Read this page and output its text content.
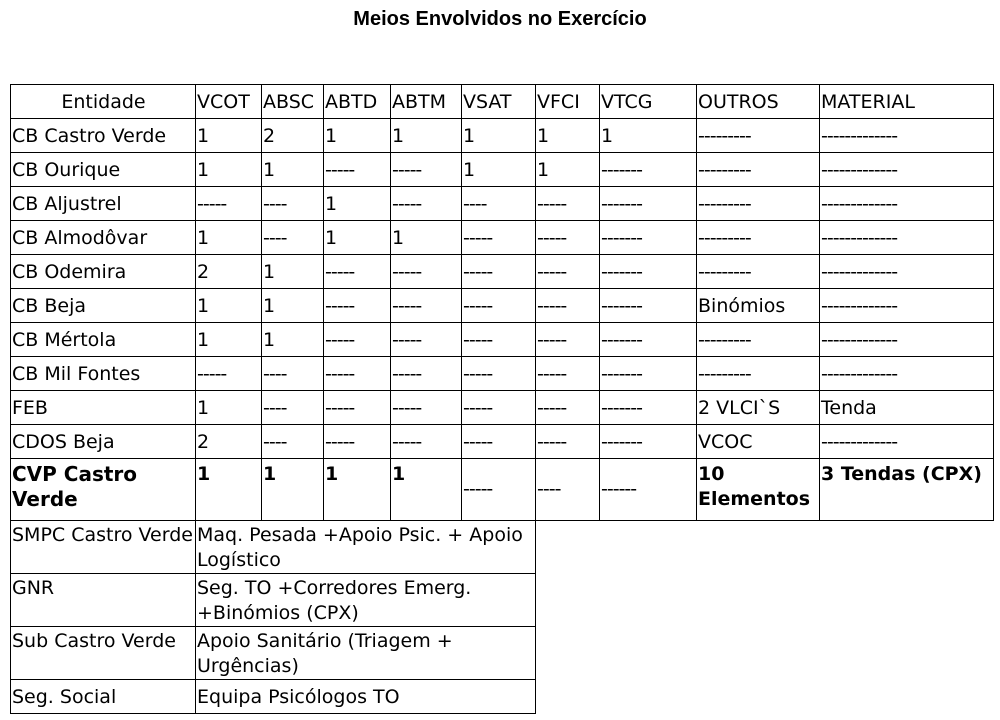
Meios Envolvidos no Exercício
Entidade	VCOT	ABSC	ABTD	ABTM	VSAT	VFCI	VTCG	OUTROS	MATERIAL
CB Castro Verde	1	2	1	1	1	1	1	---------	-------------
CB Ourique	1	1	-----	-----	1	1	-------	---------	-------------
CB Aljustrel	-----	----	1	-----	----	-----	-------	---------	-------------
CB Almodôvar	1	----	1	1	-----	-----	-------	---------	-------------
CB Odemira	2	1	-----	-----	-----	-----	-------	---------	-------------
CB Beja	1	1	-----	-----	-----	-----	-------	Binómios	-------------
CB Mértola	1	1	-----	-----	-----	-----	-------	---------	-------------
CB Mil Fontes	-----	----	-----	-----	-----	-----	-------	---------	-------------
FEB	1	----	-----	-----	-----	-----	-------	2 VLCI`S	Tenda
CDOS Beja	2	----	-----	-----	-----	-----	-------	VCOC	-------------
CVP Castro Verde	1	1	1	1	-----	----	------	10 Elementos	3 Tendas (CPX)
SMPC Castro Verde	Maq. Pesada +Apoio Psic. + Apoio Logístico								
GNR	Seg. TO +Corredores Emerg. +Binómios (CPX)								
Sub Castro Verde	Apoio Sanitário (Triagem + Urgências)								
Seg. Social	Equipa Psicólogos TO								
